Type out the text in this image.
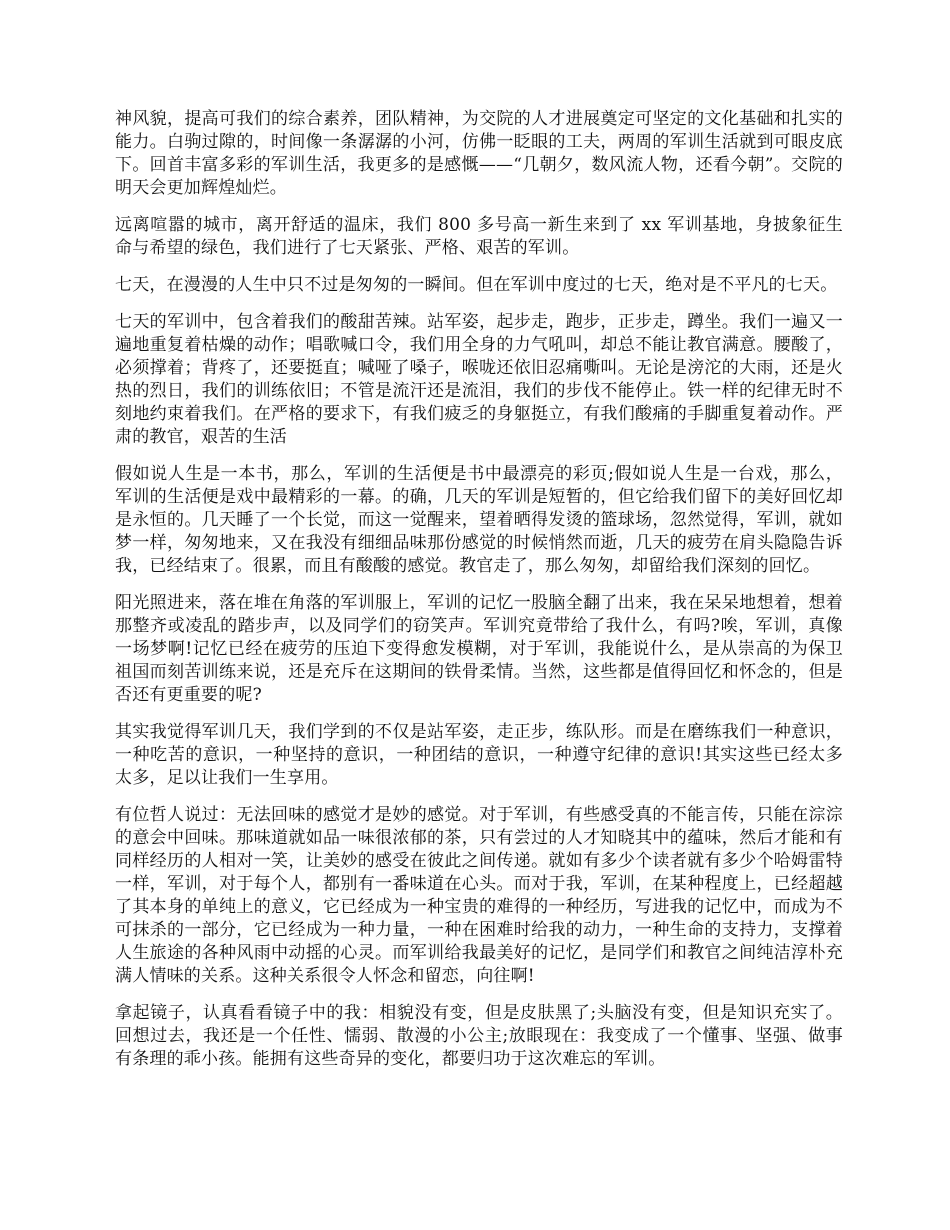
神风貌，提高可我们的综合素养，团队精神，为交院的人才进展奠定可坚定的文化基础和扎实的能力。白驹过隙的，时间像一条潺潺的小河，仿佛一眨眼的工夫，两周的军训生活就到可眼皮底下。回首丰富多彩的军训生活，我更多的是感慨——“几朝夕，数风流人物，还看今朝”。交院的明天会更加辉煌灿烂。

远离喧嚣的城市，离开舒适的温床，我们 800 多号高一新生来到了 xx 军训基地，身披象征生命与希望的绿色，我们进行了七天紧张、严格、艰苦的军训。

七天，在漫漫的人生中只不过是匆匆的一瞬间。但在军训中度过的七天，绝对是不平凡的七天。

七天的军训中，包含着我们的酸甜苦辣。站军姿，起步走，跑步，正步走，蹲坐。我们一遍又一遍地重复着枯燥的动作；唱歌喊口令，我们用全身的力气吼叫，却总不能让教官满意。腰酸了，必须撑着；背疼了，还要挺直；喊哑了嗓子，喉咙还依旧忍痛嘶叫。无论是滂沱的大雨，还是火热的烈日，我们的训练依旧；不管是流汗还是流泪，我们的步伐不能停止。铁一样的纪律无时不刻地约束着我们。在严格的要求下，有我们疲乏的身躯挺立，有我们酸痛的手脚重复着动作。严肃的教官，艰苦的生活

假如说人生是一本书，那么，军训的生活便是书中最漂亮的彩页;假如说人生是一台戏，那么，军训的生活便是戏中最精彩的一幕。的确，几天的军训是短暂的，但它给我们留下的美好回忆却是永恒的。几天睡了一个长觉，而这一觉醒来，望着晒得发烫的篮球场，忽然觉得，军训，就如梦一样，匆匆地来，又在我没有细细品味那份感觉的时候悄然而逝，几天的疲劳在肩头隐隐告诉我，已经结束了。很累，而且有酸酸的感觉。教官走了，那么匆匆，却留给我们深刻的回忆。

阳光照进来，落在堆在角落的军训服上，军训的记忆一股脑全翻了出来，我在呆呆地想着，想着那整齐或凌乱的踏步声，以及同学们的窃笑声。军训究竟带给了我什么，有吗?唉，军训，真像一场梦啊!记忆已经在疲劳的压迫下变得愈发模糊，对于军训，我能说什么，是从崇高的为保卫祖国而刻苦训练来说，还是充斥在这期间的铁骨柔情。当然，这些都是值得回忆和怀念的，但是否还有更重要的呢?

其实我觉得军训几天，我们学到的不仅是站军姿，走正步，练队形。而是在磨练我们一种意识，一种吃苦的意识，一种坚持的意识，一种团结的意识，一种遵守纪律的意识!其实这些已经太多太多，足以让我们一生享用。

有位哲人说过：无法回味的感觉才是妙的感觉。对于军训，有些感受真的不能言传，只能在淙淙的意会中回味。那味道就如品一味很浓郁的茶，只有尝过的人才知晓其中的蕴味，然后才能和有同样经历的人相对一笑，让美妙的感受在彼此之间传递。就如有多少个读者就有多少个哈姆雷特一样，军训，对于每个人，都别有一番味道在心头。而对于我，军训，在某种程度上，已经超越了其本身的单纯上的意义，它已经成为一种宝贵的难得的一种经历，写进我的记忆中，而成为不可抹杀的一部分，它已经成为一种力量，一种在困难时给我的动力，一种生命的支持力，支撑着人生旅途的各种风雨中动摇的心灵。而军训给我最美好的记忆，是同学们和教官之间纯洁淳朴充满人情味的关系。这种关系很令人怀念和留恋，向往啊!

拿起镜子，认真看看镜子中的我：相貌没有变，但是皮肤黑了;头脑没有变，但是知识充实了。回想过去，我还是一个任性、懦弱、散漫的小公主;放眼现在：我变成了一个懂事、坚强、做事有条理的乖小孩。能拥有这些奇异的变化，都要归功于这次难忘的军训。
